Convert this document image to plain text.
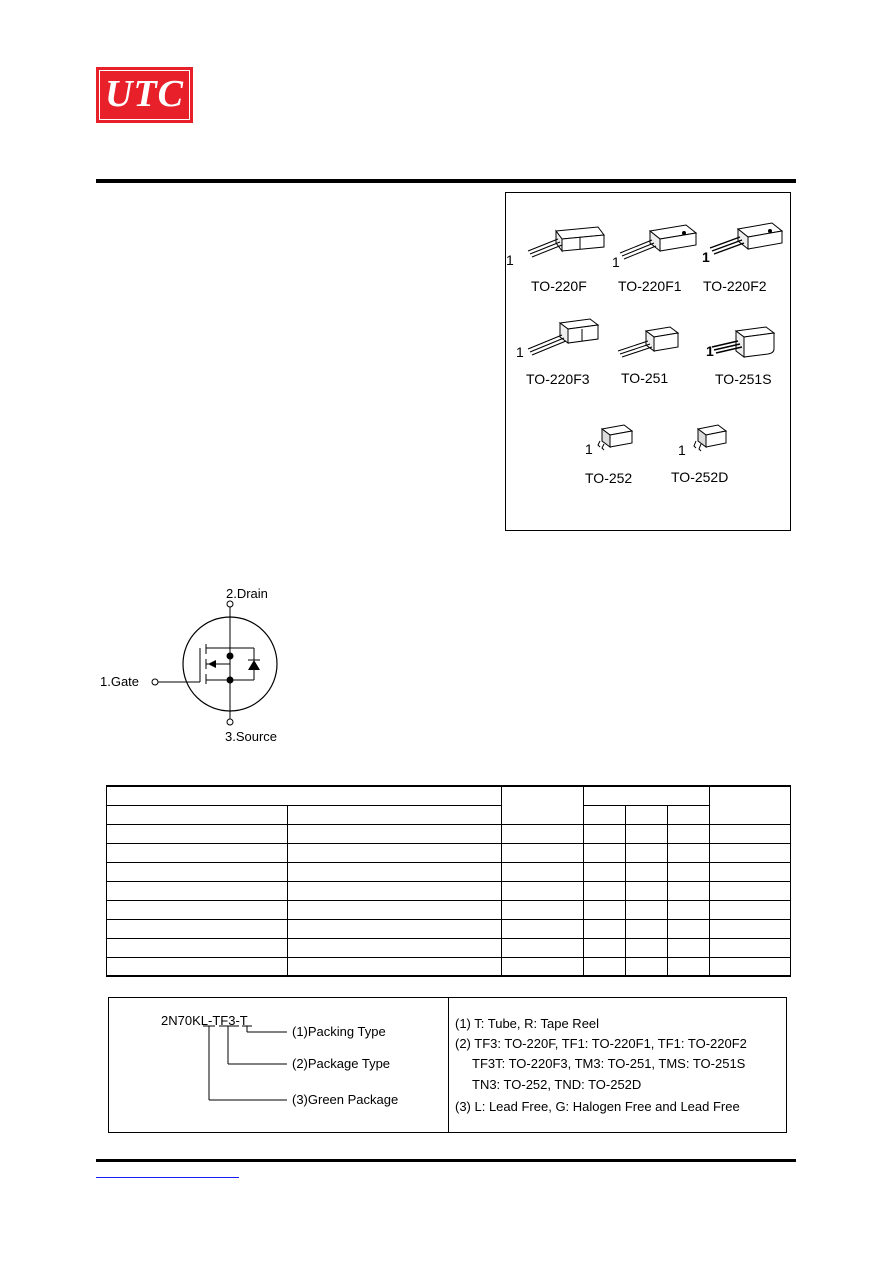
UTC
1
TO-220F
1
TO-220F1
1
TO-220F2
1
TO-220F3 TO-251
1
TO-251S
1
TO-252
1
TO-252D
2.Drain
1.Gate
3.Source

2N70KL-TF3-T
(1)Packing Type
(2)Package Type
(3)Green Package
(1) T: Tube, R: Tape Reel
(2) TF3: TO-220F, TF1: TO-220F1, TF1: TO-220F2
TF3T: TO-220F3, TM3: TO-251, TMS: TO-251S
TN3: TO-252, TND: TO-252D
(3) L: Lead Free, G: Halogen Free and Lead Free
